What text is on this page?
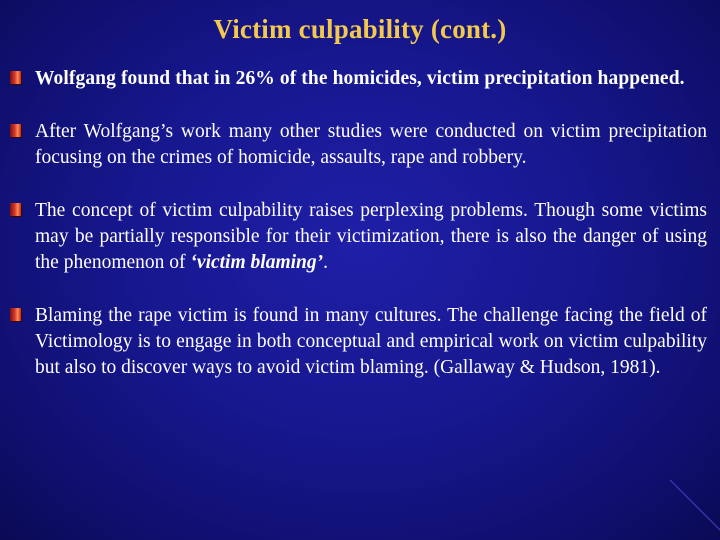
Victim culpability (cont.)
Wolfgang found that in 26% of the homicides, victim precipitation happened.
After Wolfgang’s work many other studies were conducted on victim precipitation focusing on the crimes of homicide, assaults, rape and robbery.
The concept of victim culpability raises perplexing problems. Though some victims may be partially responsible for their victimization, there is also the danger of using the phenomenon of ‘victim blaming’.
Blaming the rape victim is found in many cultures. The challenge facing the field of Victimology is to engage in both conceptual and empirical work on victim culpability but also to discover ways to avoid victim blaming. (Gallaway & Hudson, 1981).
